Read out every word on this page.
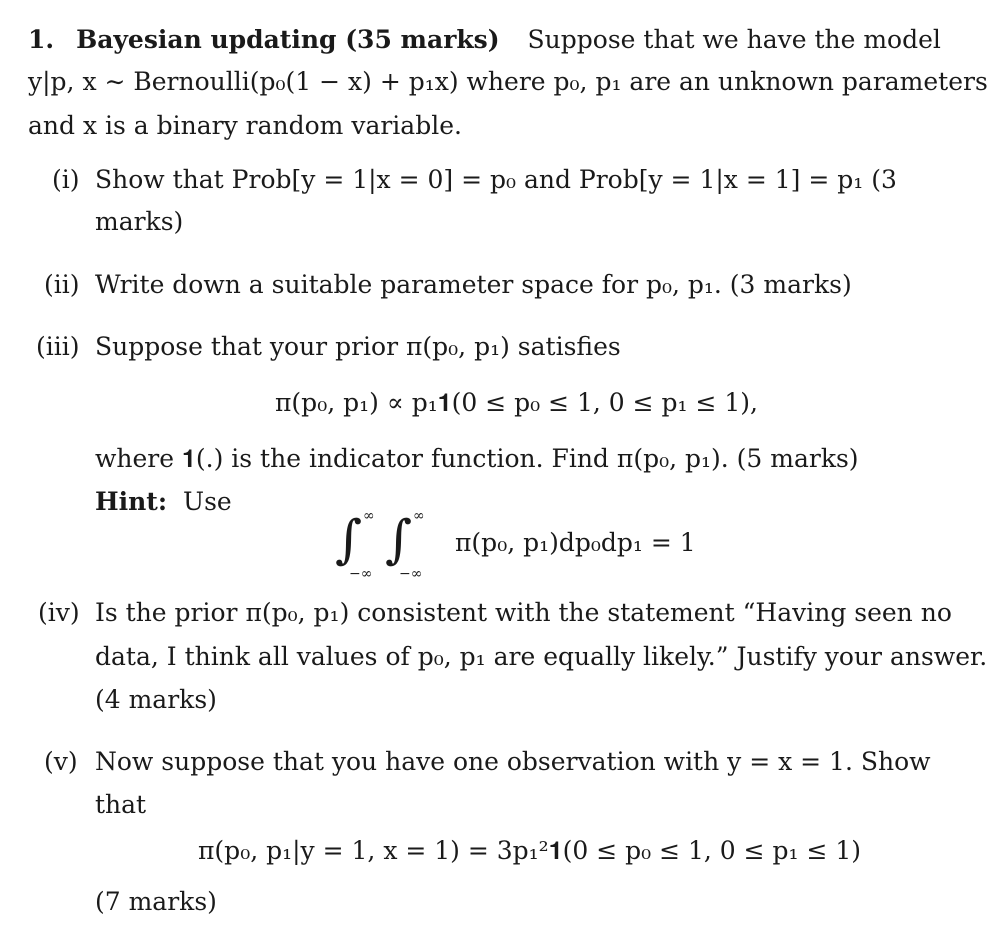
1. Bayesian updating (35 marks) Suppose that we have the model
y|p, x ∼ Bernoulli(p₀(1 − x) + p₁x) where p₀, p₁ are an unknown parameters
and x is a binary random variable.
(i) Show that Prob[y = 1|x = 0] = p₀ and Prob[y = 1|x = 1] = p₁ (3
marks)
(ii) Write down a suitable parameter space for p₀, p₁. (3 marks)
(iii) Suppose that your prior π(p₀, p₁) satisfies
π(p₀, p₁) ∝ p₁𝟏(0 ≤ p₀ ≤ 1, 0 ≤ p₁ ≤ 1),
where 𝟏(.) is the indicator function. Find π(p₀, p₁). (5 marks)
Hint: Use
∫ ∞
−∞
∫ ∞
−∞
π(p₀, p₁)dp₀dp₁ = 1
(iv) Is the prior π(p₀, p₁) consistent with the statement “Having seen no
data, I think all values of p₀, p₁ are equally likely.” Justify your answer.
(4 marks)
(v) Now suppose that you have one observation with y = x = 1. Show
that
π(p₀, p₁|y = 1, x = 1) = 3p₁²𝟏(0 ≤ p₀ ≤ 1, 0 ≤ p₁ ≤ 1)
(7 marks)
